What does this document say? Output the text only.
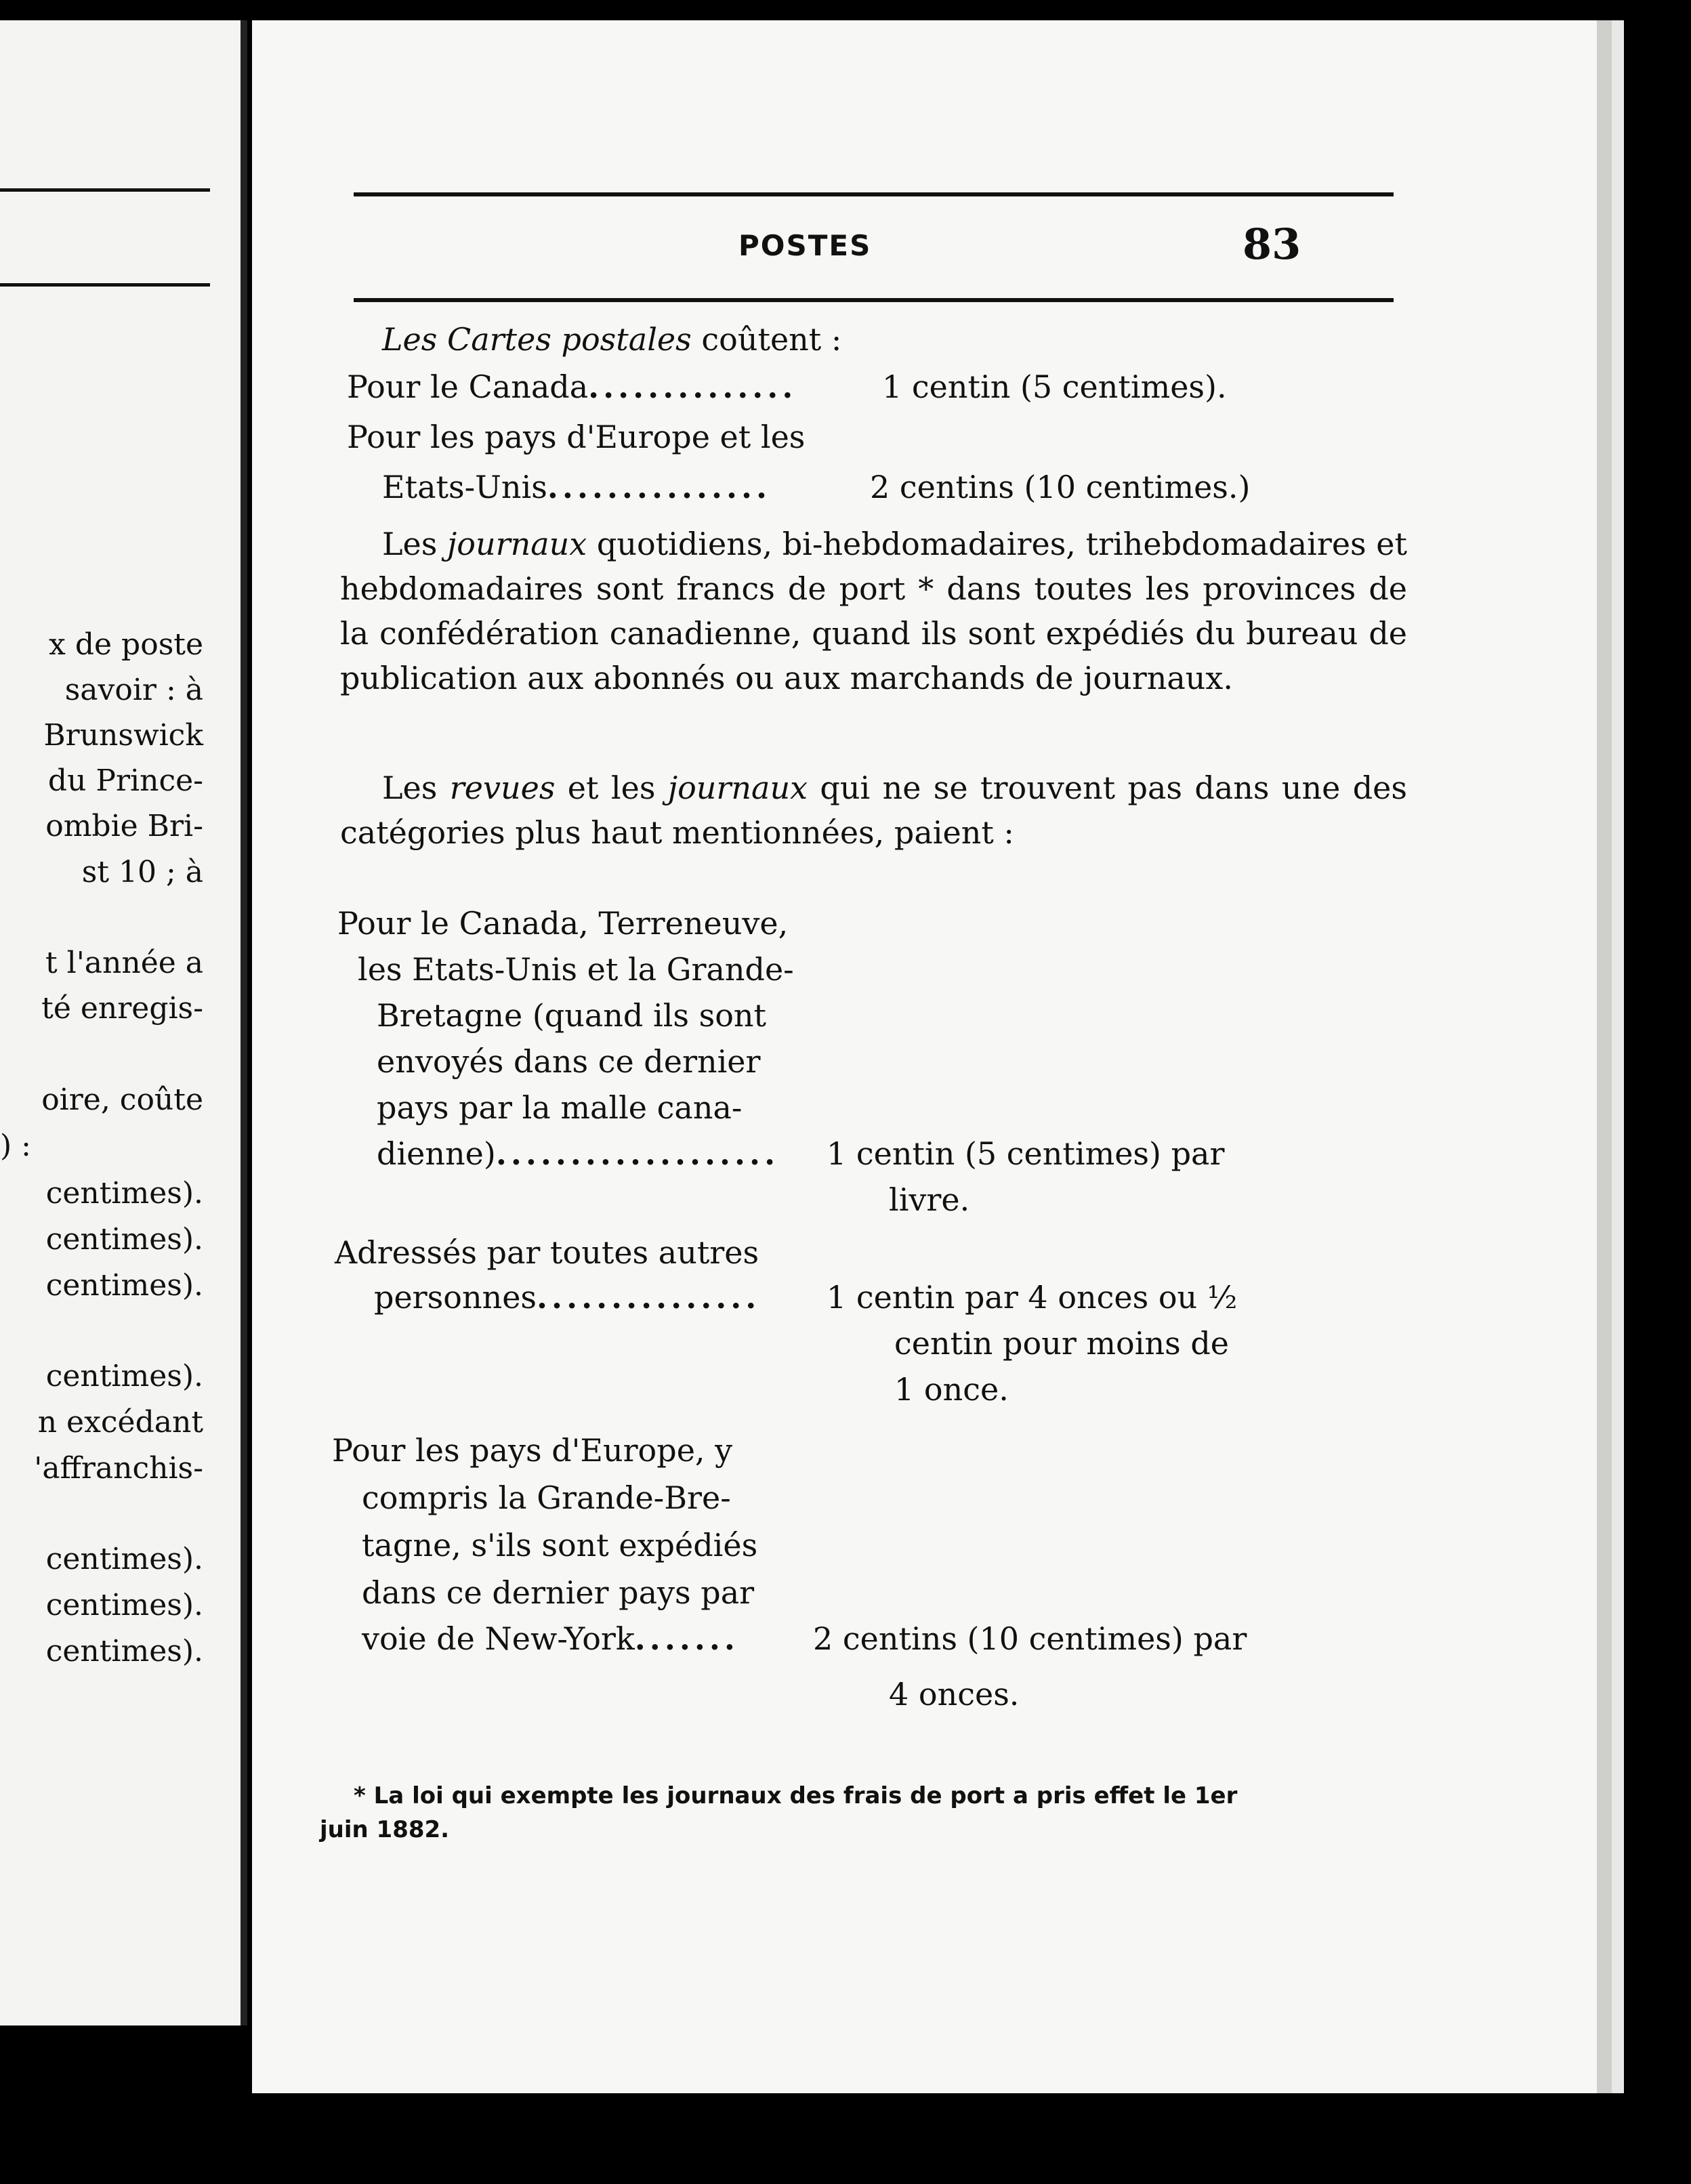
x de poste
savoir : à
Brunswick
du Prince-
ombie Bri-
st 10 ; à
t l'année a
té enregis-
oire, coûte
) :
centimes).
centimes).
centimes).
centimes).
n excédant
'affranchis-
centimes).
centimes).
centimes).
POSTES	83
Les Cartes postales coûtent :
Pour le Canada..............	1 centin (5 centimes).
Pour les pays d'Europe et les
Etats-Unis...............	2 centins (10 centimes.)

Les journaux quotidiens, bi-hebdomadaires, trihebdomadaires et hebdomadaires sont francs de port * dans toutes les provinces de la confédération canadienne, quand ils sont expédiés du bureau de publication aux abonnés ou aux marchands de journaux.

Les revues et les journaux qui ne se trouvent pas dans une des catégories plus haut mentionnées, paient :

Pour le Canada, Terreneuve,
les Etats-Unis et la Grande-
Bretagne (quand ils sont
envoyés dans ce dernier
pays par la malle cana-
dienne)................... 1 centin (5 centimes) par
livre.
Adressés par toutes autres
personnes............... 1 centin par 4 onces ou ½
centin pour moins de
1 once.
Pour les pays d'Europe, y
compris la Grande-Bre-
tagne, s'ils sont expédiés
dans ce dernier pays par
voie de New-York....... 2 centins (10 centimes) par
4 onces.
* La loi qui exempte les journaux des frais de port a pris effet le 1er
juin 1882.
